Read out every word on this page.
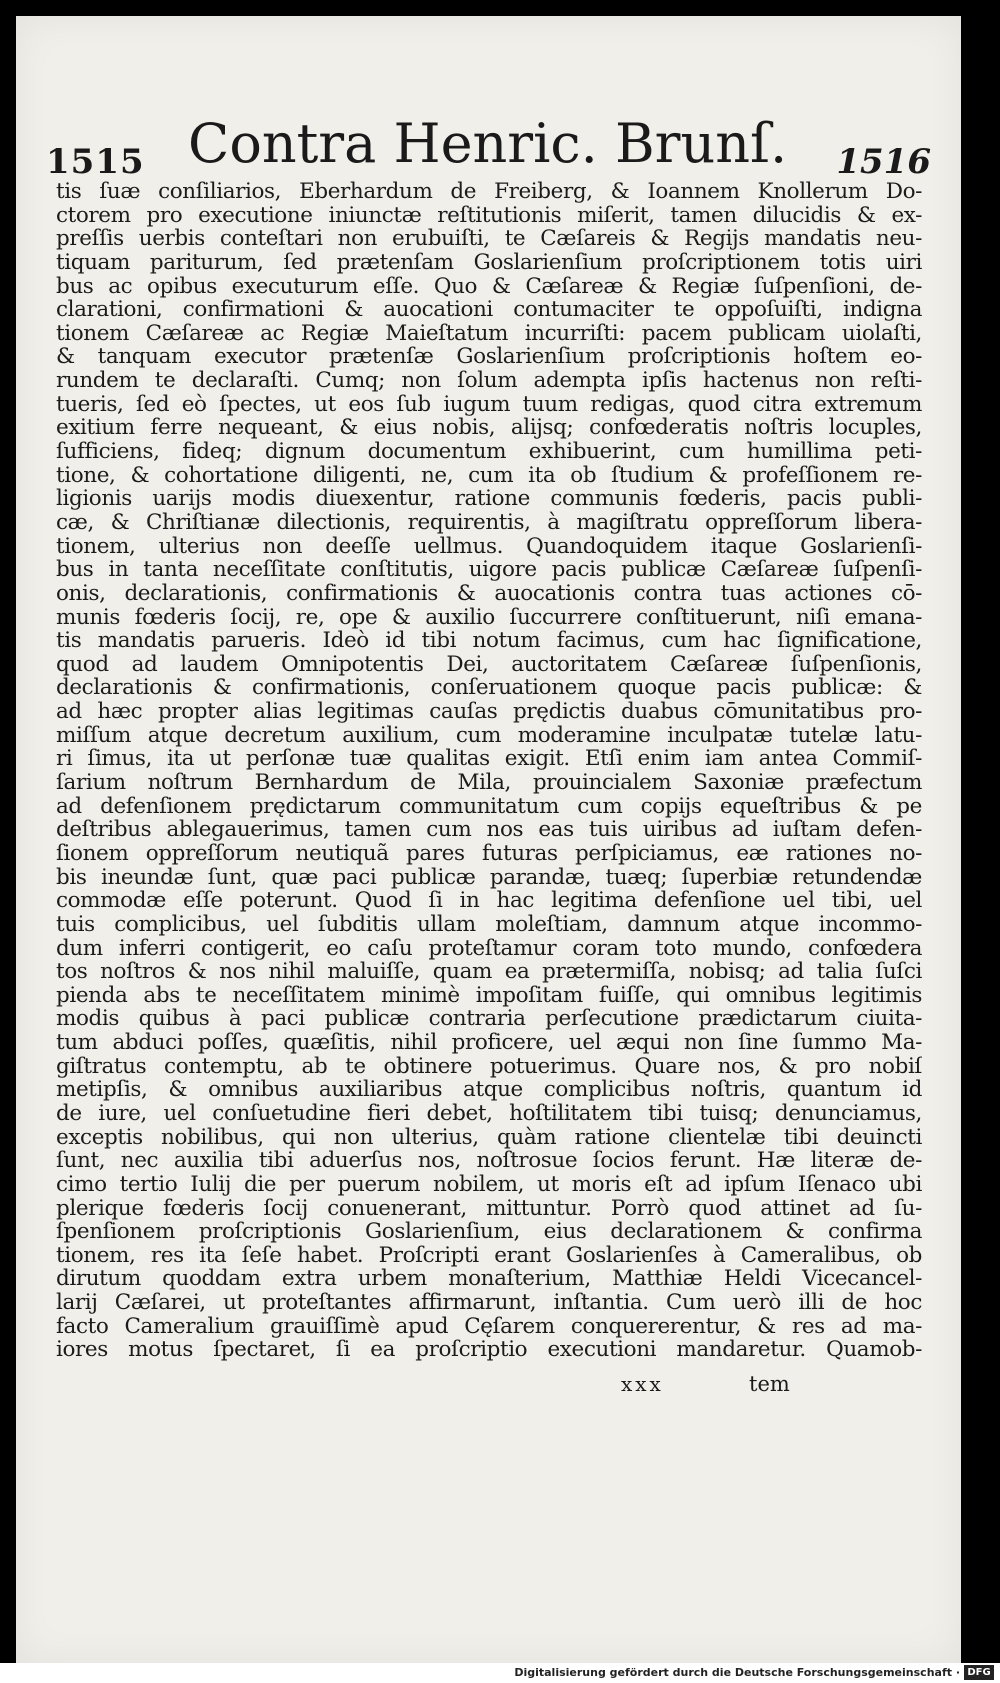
1515 Contra Henric. Brunſ. 1516
tis ſuæ conſiliarios, Eberhardum de Freiberg, & Ioannem Knollerum Do-
ctorem pro executione iniunctæ reſtitutionis miſerit, tamen dilucidis & ex-
preſſis uerbis conteſtari non erubuiſti, te Cæſareis & Regijs mandatis neu-
tiquam pariturum, ſed prætenſam Goslarienſium proſcriptionem totis uiri
bus ac opibus executurum eſſe. Quo & Cæſareæ & Regiæ ſuſpenſioni, de-
clarationi, confirmationi & auocationi contumaciter te oppoſuiſti, indigna
tionem Cæſareæ ac Regiæ Maieſtatum incurriſti: pacem publicam uiolaſti,
& tanquam executor prætenſæ Goslarienſium proſcriptionis hoſtem eo-
rundem te declaraſti. Cumq; non ſolum adempta ipſis hactenus non reſti-
tueris, ſed eò ſpectes, ut eos ſub iugum tuum redigas, quod citra extremum
exitium ferre nequeant, & eius nobis, alijsq; confœderatis noſtris locuples,
ſufficiens, fideq; dignum documentum exhibuerint, cum humillima peti-
tione, & cohortatione diligenti, ne, cum ita ob ſtudium & profeſſionem re-
ligionis uarijs modis diuexentur, ratione communis fœderis, pacis publi-
cæ, & Chriſtianæ dilectionis, requirentis, à magiſtratu oppreſſorum libera-
tionem, ulterius non deeſſe uellmus. Quandoquidem itaque Goslarienſi-
bus in tanta neceſſitate conſtitutis, uigore pacis publicæ Cæſareæ ſuſpenſi-
onis, declarationis, confirmationis & auocationis contra tuas actiones cō-
munis fœderis ſocij, re, ope & auxilio ſuccurrere conſtituerunt, niſi emana-
tis mandatis parueris. Ideò id tibi notum facimus, cum hac ſignificatione,
quod ad laudem Omnipotentis Dei, auctoritatem Cæſareæ ſuſpenſionis,
declarationis & confirmationis, conſeruationem quoque pacis publicæ: &
ad hæc propter alias legitimas cauſas prędictis duabus cōmunitatibus pro-
miſſum atque decretum auxilium, cum moderamine inculpatæ tutelæ latu-
ri ſimus, ita ut perſonæ tuæ qualitas exigit. Etſi enim iam antea Commiſ-
ſarium noſtrum Bernhardum de Mila, prouincialem Saxoniæ præfectum
ad defenſionem prędictarum communitatum cum copijs equeſtribus & pe
deſtribus ablegauerimus, tamen cum nos eas tuis uiribus ad iuſtam defen-
ſionem oppreſſorum neutiquã pares futuras perſpiciamus, eæ rationes no-
bis ineundæ ſunt, quæ paci publicæ parandæ, tuæq; ſuperbiæ retundendæ
commodæ eſſe poterunt. Quod ſi in hac legitima defenſione uel tibi, uel
tuis complicibus, uel ſubditis ullam moleſtiam, damnum atque incommo-
dum inferri contigerit, eo caſu proteſtamur coram toto mundo, confœdera
tos noſtros & nos nihil maluiſſe, quam ea prætermiſſa, nobisq; ad talia ſuſci
pienda abs te neceſſitatem minimè impoſitam fuiſſe, qui omnibus legitimis
modis quibus à paci publicæ contraria perſecutione prædictarum ciuita-
tum abduci poſſes, quæſitis, nihil proficere, uel æqui non ſine ſummo Ma-
giſtratus contemptu, ab te obtinere potuerimus. Quare nos, & pro nobiſ
metipſis, & omnibus auxiliaribus atque complicibus noſtris, quantum id
de iure, uel conſuetudine fieri debet, hoſtilitatem tibi tuisq; denunciamus,
exceptis nobilibus, qui non ulterius, quàm ratione clientelæ tibi deuincti
ſunt, nec auxilia tibi aduerſus nos, noſtrosue ſocios ferunt. Hæ literæ de-
cimo tertio Iulij die per puerum nobilem, ut moris eſt ad ipſum Iſenaco ubi
plerique fœderis ſocij conuenerant, mittuntur. Porrò quod attinet ad ſu-
ſpenſionem proſcriptionis Goslarienſium, eius declarationem & confirma
tionem, res ita ſeſe habet. Proſcripti erant Goslarienſes à Cameralibus, ob
dirutum quoddam extra urbem monaſterium, Matthiæ Heldi Vicecancel-
larij Cæſarei, ut proteſtantes affirmarunt, inſtantia. Cum uerò illi de hoc
facto Cameralium grauiſſimè apud Cęſarem conquererentur, & res ad ma-
iores motus ſpectaret, ſi ea proſcriptio executioni mandaretur. Quamob-
xxx	tem
Digitalisierung gefördert durch die Deutsche Forschungsgemeinschaft · DFG
